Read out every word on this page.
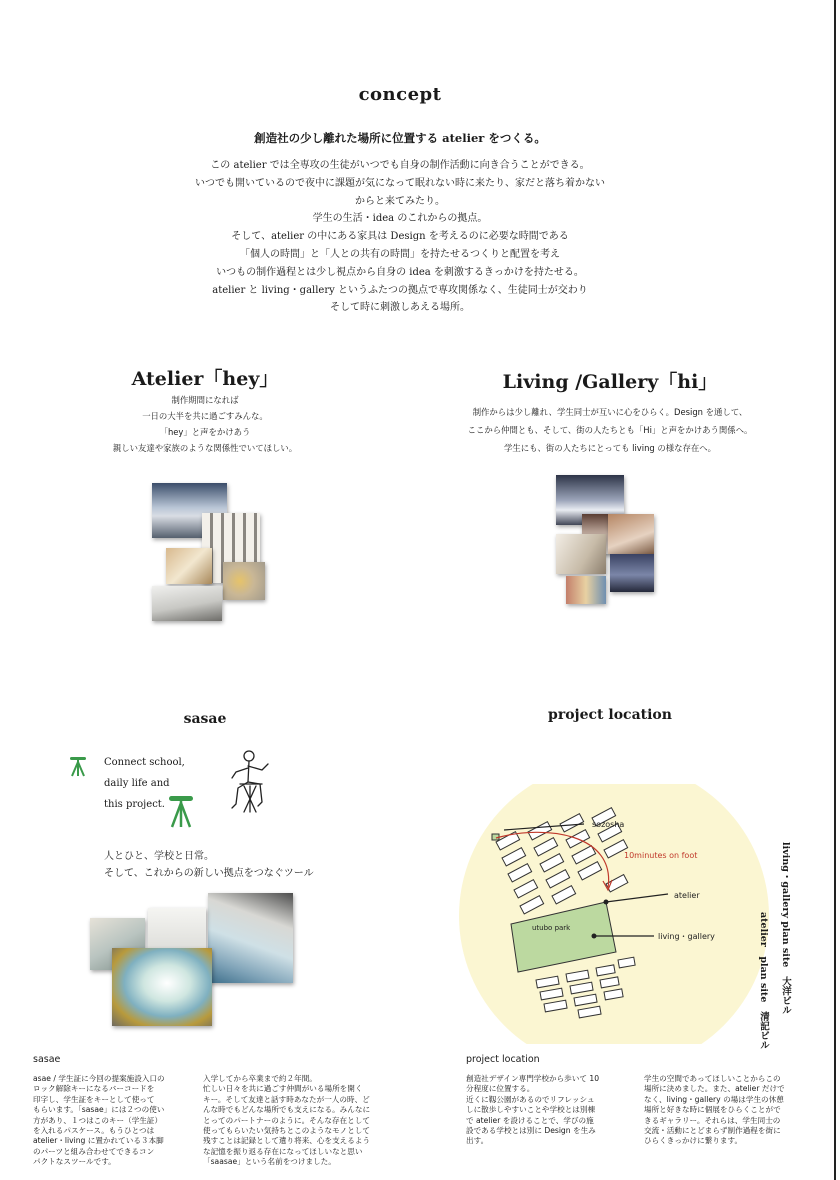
concept
創造社の少し離れた場所に位置する atelier をつくる。
この atelier では全専攻の生徒がいつでも自身の制作活動に向き合うことができる。
いつでも開いているので夜中に課題が気になって眠れない時に来たり、家だと落ち着かない
からと来てみたり。
学生の生活・idea のこれからの拠点。
そして、atelier の中にある家具は Design を考えるのに必要な時間である
「個人の時間」と「人との共有の時間」を持たせるつくりと配置を考え
いつもの制作過程とは少し視点から自身の idea を刺激するきっかけを持たせる。
atelier と living・gallery というふたつの拠点で専攻関係なく、生徒同士が交わり
そして時に刺激しあえる場所。
Atelier「hey」
制作期間になれば
一日の大半を共に過ごすみんな。
「hey」と声をかけあう
親しい友達や家族のような関係性でいてほしい。
Living /Gallery「hi」
制作からは少し離れ、学生同士が互いに心をひらく。Design を通して、
ここから仲間とも、そして、街の人たちとも「Hi」と声をかけあう関係へ。
学生にも、街の人たちにとっても living の様な存在へ。
sasae
Connect school,
daily life and
this project.
人とひと、学校と日常。
そして、これからの新しい拠点をつなぐツール
project location
sozosha
10minutes on foot
atelier
utubo park
living・gallery	living・gallery plan site　大洋ビル
atelier　plan site　清記ビル
sasae
asae / 学生証に今回の提案施設入口の
ロック解除キーになるバーコードを
印字し、学生証をキーとして使って
もらいます。「sasae」には２つの使い
方があり、１つはこのキー（学生証）
を入れるパスケース。もうひとつは
atelier・living に置かれている３本脚
のパーツと組み合わせてできるコン
パクトなスツールです。
入学してから卒業まで約２年間。
忙しい日々を共に過ごす仲間がいる場所を開く
キー。そして友達と話す時あなたが一人の時、ど
んな時でもどんな場所でも支えになる。みんなに
とってのパートナーのように。そんな存在として
使ってもらいたい気持ちとこのようなモノとして
残すことは記録として遺り将来、心を支えるよう
な記憶を振り返る存在になってほしいなと思い
「saasae」という名前をつけました。
project location
創造社デザイン専門学校から歩いて 10
分程度に位置する。
近くに靱公園があるのでリフレッシュ
しに散歩しやすいことや学校とは別棟
で atelier を設けることで、学びの施
設である学校とは別に Design を生み
出す。
学生の空間であってほしいことからこの
場所に決めました。また、atelier だけで
なく、living・gallery の場は学生の休憩
場所と好きな時に個展をひらくことがで
きるギャラリー。それらは、学生同士の
交流・活動にとどまらず制作過程を街に
ひらくきっかけに繋ります。
